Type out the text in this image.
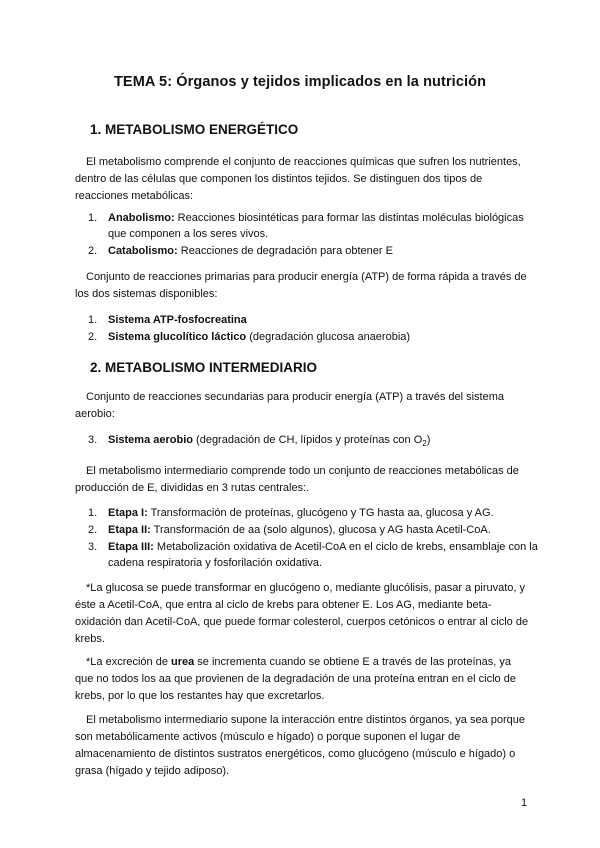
TEMA 5: Órganos y tejidos implicados en la nutrición
1. METABOLISMO ENERGÉTICO

El metabolismo comprende el conjunto de reacciones químicas que sufren los nutrientes, dentro de las células que componen los distintos tejidos. Se distinguen dos tipos de reacciones metabólicas:

1. Anabolismo: Reacciones biosintéticas para formar las distintas moléculas biológicas que componen a los seres vivos.
2. Catabolismo: Reacciones de degradación para obtener E

Conjunto de reacciones primarias para producir energía (ATP) de forma rápida a través de los dos sistemas disponibles:

1. Sistema ATP-fosfocreatina
2. Sistema glucolítico láctico (degradación glucosa anaerobia)
2. METABOLISMO INTERMEDIARIO

Conjunto de reacciones secundarias para producir energía (ATP) a través del sistema aerobio:

3. Sistema aerobio (degradación de CH, lípidos y proteínas con $O_2$)

El metabolismo intermediario comprende todo un conjunto de reacciones metabólicas de producción de E, divididas en 3 rutas centrales:.

1. Etapa I: Transformación de proteínas, glucógeno y TG hasta aa, glucosa y AG.
2. Etapa II: Transformación de aa (solo algunos), glucosa y AG hasta Acetil-CoA.
3. Etapa III: Metabolización oxidativa de Acetil-CoA en el ciclo de krebs, ensamblaje con la cadena respiratoria y fosforilación oxidativa.

*La glucosa se puede transformar en glucógeno o, mediante glucólisis, pasar a piruvato, y éste a Acetil-CoA, que entra al ciclo de krebs para obtener E. Los AG, mediante beta-oxidación dan Acetil-CoA, que puede formar colesterol, cuerpos cetónicos o entrar al ciclo de krebs.

*La excreción de urea se incrementa cuando se obtiene E a través de las proteínas, ya que no todos los aa que provienen de la degradación de una proteína entran en el ciclo de krebs, por lo que los restantes hay que excretarlos.

El metabolismo intermediario supone la interacción entre distintos órganos, ya sea porque son metabólicamente activos (músculo e hígado) o porque suponen el lugar de almacenamiento de distintos sustratos energéticos, como glucógeno (músculo e hígado) o grasa (hígado y tejido adiposo).

1
